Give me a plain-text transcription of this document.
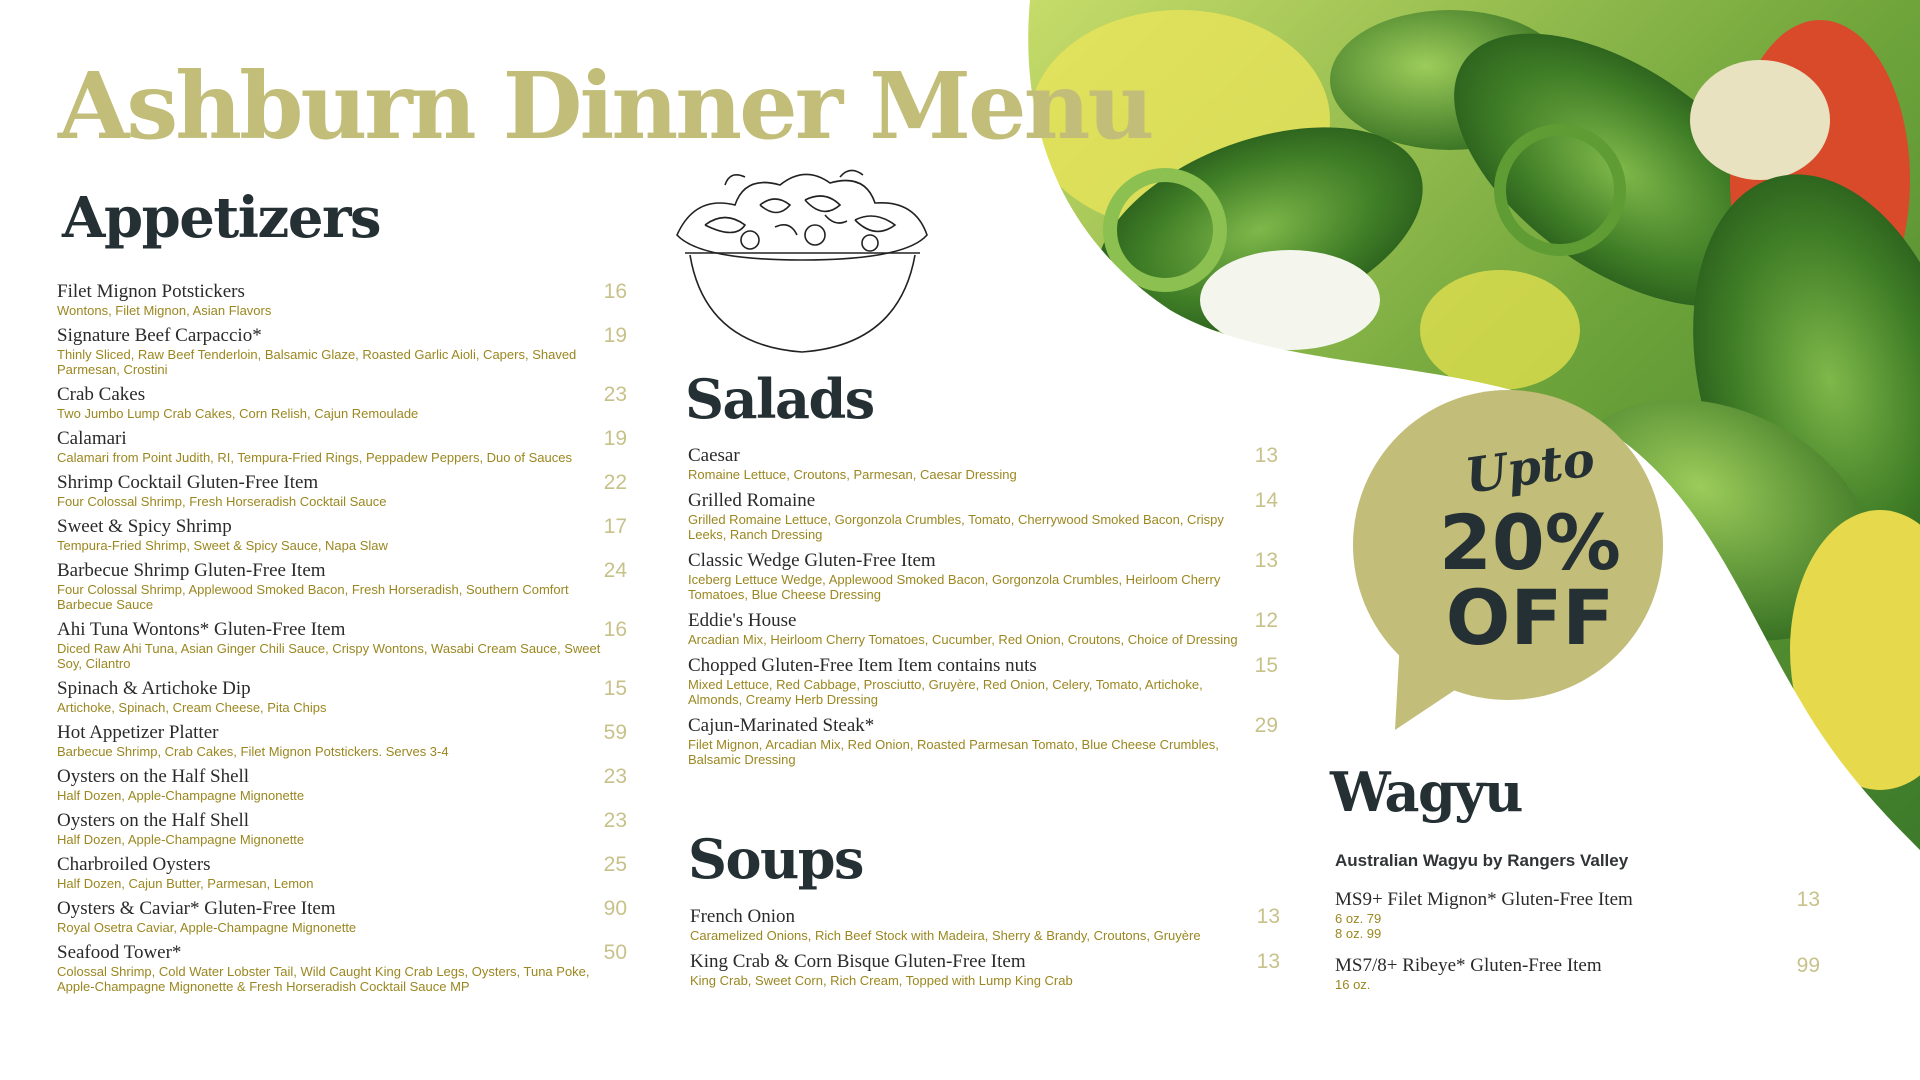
Ashburn Dinner Menu
Appetizers
Filet Mignon Potstickers	16
Wontons, Filet Mignon, Asian Flavors
Signature Beef Carpaccio*	19
Thinly Sliced, Raw Beef Tenderloin, Balsamic Glaze, Roasted Garlic Aioli, Capers, Shaved Parmesan, Crostini
Crab Cakes	23
Two Jumbo Lump Crab Cakes, Corn Relish, Cajun Remoulade
Calamari	19
Calamari from Point Judith, RI, Tempura-Fried Rings, Peppadew Peppers, Duo of Sauces
Shrimp Cocktail Gluten-Free Item	22
Four Colossal Shrimp, Fresh Horseradish Cocktail Sauce
Sweet & Spicy Shrimp	17
Tempura-Fried Shrimp, Sweet & Spicy Sauce, Napa Slaw
Barbecue Shrimp Gluten-Free Item	24
Four Colossal Shrimp, Applewood Smoked Bacon, Fresh Horseradish, Southern Comfort Barbecue Sauce
Ahi Tuna Wontons* Gluten-Free Item	16
Diced Raw Ahi Tuna, Asian Ginger Chili Sauce, Crispy Wontons, Wasabi Cream Sauce, Sweet Soy, Cilantro
Spinach & Artichoke Dip	15
Artichoke, Spinach, Cream Cheese, Pita Chips
Hot Appetizer Platter	59
Barbecue Shrimp, Crab Cakes, Filet Mignon Potstickers. Serves 3-4
Oysters on the Half Shell	23
Half Dozen, Apple-Champagne Mignonette
Oysters on the Half Shell	23
Half Dozen, Apple-Champagne Mignonette
Charbroiled Oysters	25
Half Dozen, Cajun Butter, Parmesan, Lemon
Oysters & Caviar* Gluten-Free Item	90
Royal Osetra Caviar, Apple-Champagne Mignonette
Seafood Tower*	50
Colossal Shrimp, Cold Water Lobster Tail, Wild Caught King Crab Legs, Oysters, Tuna Poke, Apple-Champagne Mignonette & Fresh Horseradish Cocktail Sauce MP
Salads
Caesar	13
Romaine Lettuce, Croutons, Parmesan, Caesar Dressing
Grilled Romaine	14
Grilled Romaine Lettuce, Gorgonzola Crumbles, Tomato, Cherrywood Smoked Bacon, Crispy Leeks, Ranch Dressing
Classic Wedge Gluten-Free Item	13
Iceberg Lettuce Wedge, Applewood Smoked Bacon, Gorgonzola Crumbles, Heirloom Cherry Tomatoes, Blue Cheese Dressing
Eddie's House	12
Arcadian Mix, Heirloom Cherry Tomatoes, Cucumber, Red Onion, Croutons, Choice of Dressing
Chopped Gluten-Free Item Item contains nuts	15
Mixed Lettuce, Red Cabbage, Prosciutto, Gruyère, Red Onion, Celery, Tomato, Artichoke, Almonds, Creamy Herb Dressing
Cajun-Marinated Steak*	29
Filet Mignon, Arcadian Mix, Red Onion, Roasted Parmesan Tomato, Blue Cheese Crumbles, Balsamic Dressing
Soups
French Onion	13
Caramelized Onions, Rich Beef Stock with Madeira, Sherry & Brandy, Croutons, Gruyère
King Crab & Corn Bisque Gluten-Free Item	13
King Crab, Sweet Corn, Rich Cream, Topped with Lump King Crab
Upto
20%
OFF
Wagyu
Australian Wagyu by Rangers Valley
MS9+ Filet Mignon* Gluten-Free Item	13
6 oz. 79
8 oz. 99
MS7/8+ Ribeye* Gluten-Free Item	99
16 oz.
